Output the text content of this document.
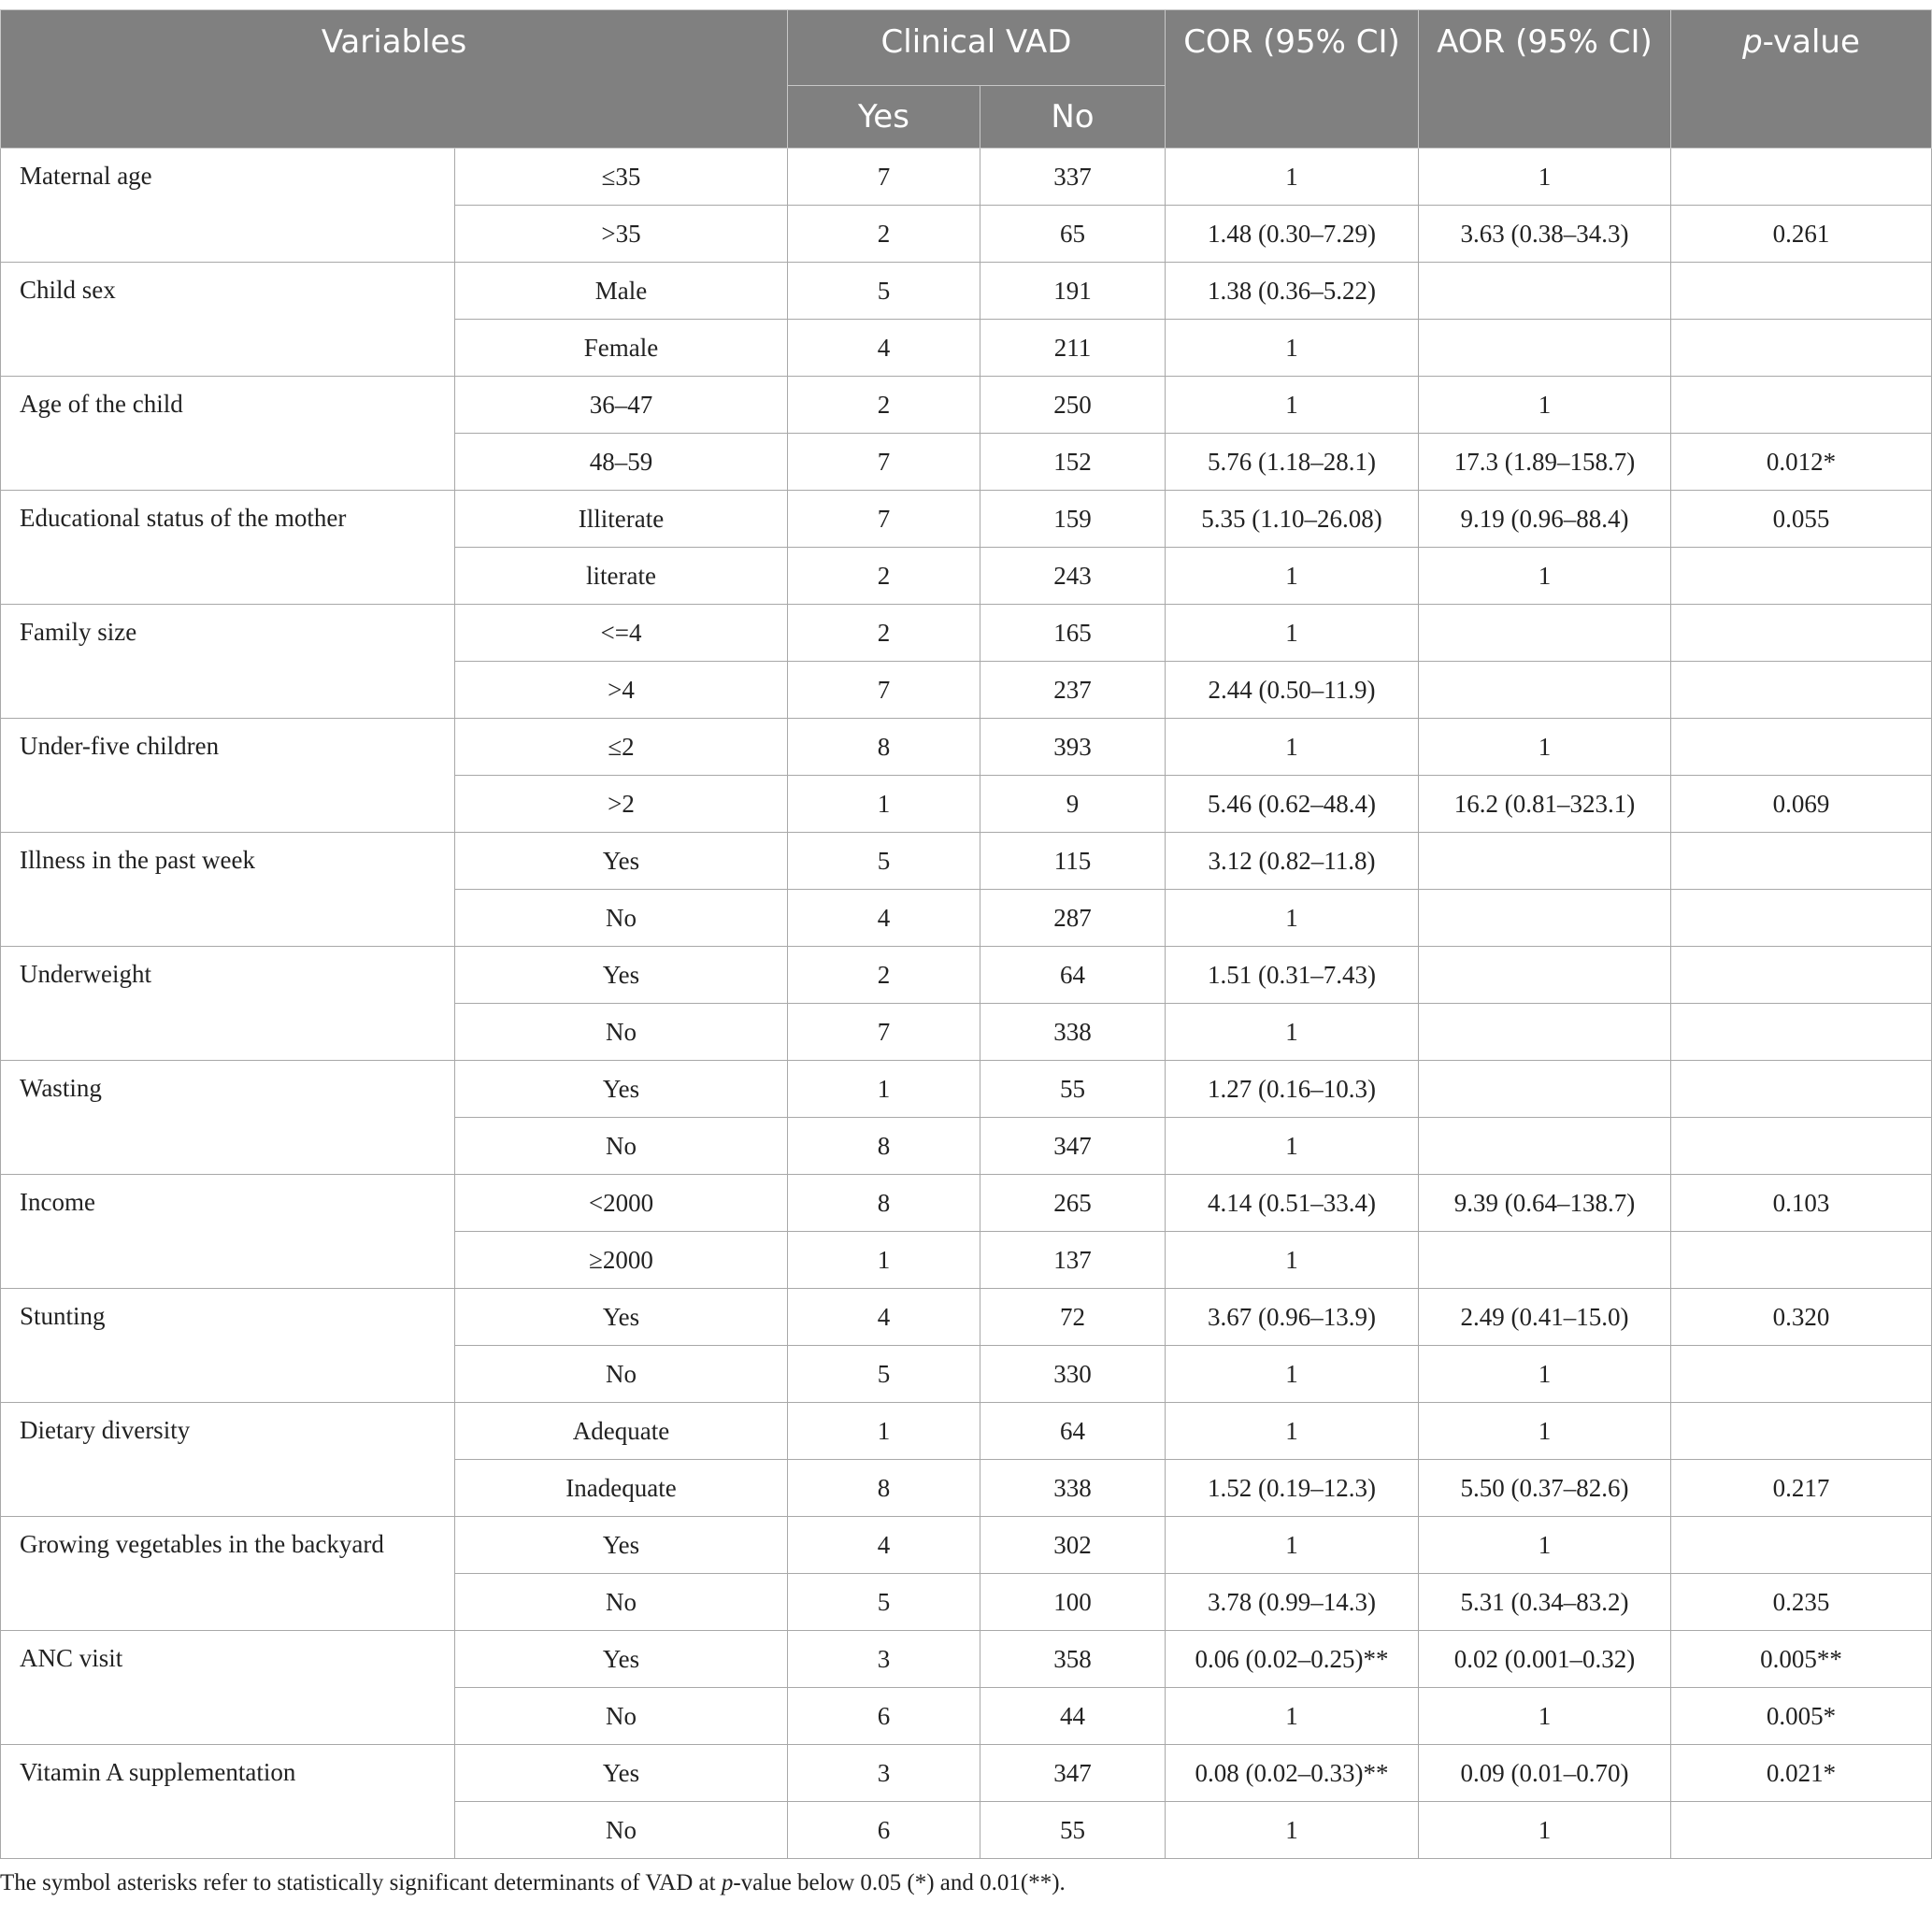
Variables		Clinical VAD		COR (95% CI)	AOR (95% CI)	p-value
		Yes	No			
Maternal age	≤35	7	337	1	1	
	>35	2	65	1.48 (0.30–7.29)	3.63 (0.38–34.3)	0.261
Child sex	Male	5	191	1.38 (0.36–5.22)		
	Female	4	211	1		
Age of the child	36–47	2	250	1	1	
	48–59	7	152	5.76 (1.18–28.1)	17.3 (1.89–158.7)	0.012*
Educational status of the mother	Illiterate	7	159	5.35 (1.10–26.08)	9.19 (0.96–88.4)	0.055
	literate	2	243	1	1	
Family size	<=4	2	165	1		
	>4	7	237	2.44 (0.50–11.9)		
Under-five children	≤2	8	393	1	1	
	>2	1	9	5.46 (0.62–48.4)	16.2 (0.81–323.1)	0.069
Illness in the past week	Yes	5	115	3.12 (0.82–11.8)		
	No	4	287	1		
Underweight	Yes	2	64	1.51 (0.31–7.43)		
	No	7	338	1		
Wasting	Yes	1	55	1.27 (0.16–10.3)		
	No	8	347	1		
Income	<2000	8	265	4.14 (0.51–33.4)	9.39 (0.64–138.7)	0.103
	≥2000	1	137	1		
Stunting	Yes	4	72	3.67 (0.96–13.9)	2.49 (0.41–15.0)	0.320
	No	5	330	1	1	
Dietary diversity	Adequate	1	64	1	1	
	Inadequate	8	338	1.52 (0.19–12.3)	5.50 (0.37–82.6)	0.217
Growing vegetables in the backyard	Yes	4	302	1	1	
	No	5	100	3.78 (0.99–14.3)	5.31 (0.34–83.2)	0.235
ANC visit	Yes	3	358	0.06 (0.02–0.25)**	0.02 (0.001–0.32)	0.005**
	No	6	44	1	1	0.005*
Vitamin A supplementation	Yes	3	347	0.08 (0.02–0.33)**	0.09 (0.01–0.70)	0.021*
	No	6	55	1	1	

The symbol asterisks refer to statistically significant determinants of VAD at p-value below 0.05 (*) and 0.01(**).
